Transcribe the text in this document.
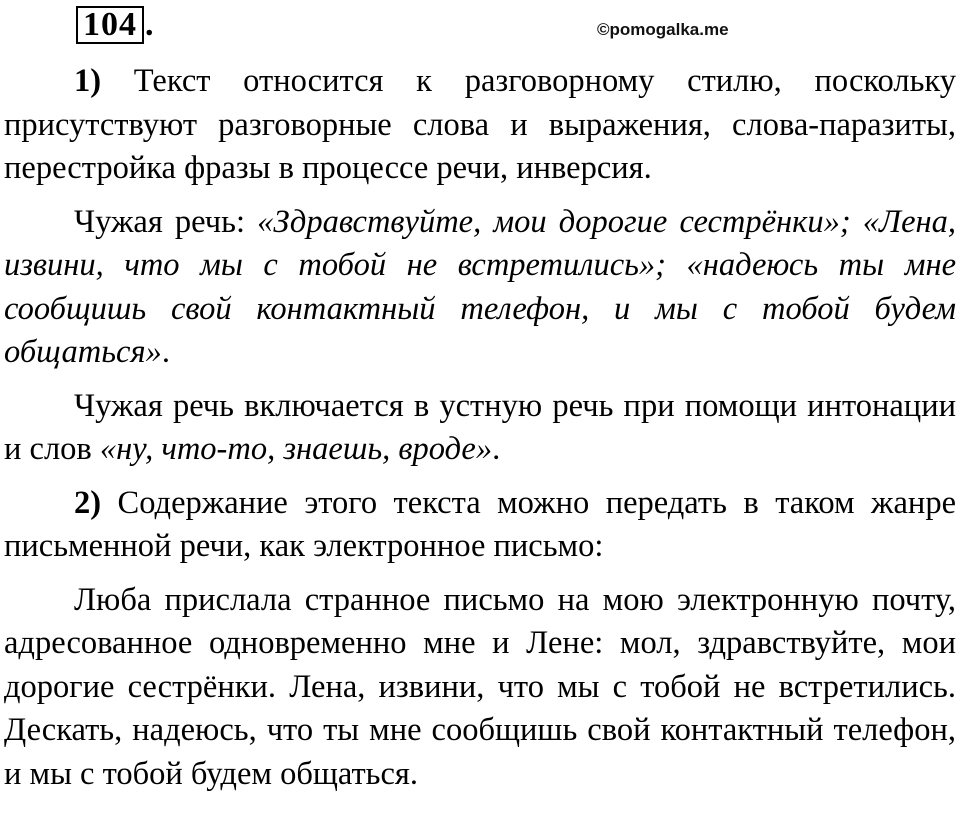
104 .	©pomogalka.me

1) Текст относится к разговорному стилю, поскольку присутствуют разговорные слова и выражения, слова-паразиты, перестройка фразы в процессе речи, инверсия.

Чужая речь: «Здравствуйте, мои дорогие сестрёнки»; «Лена, извини, что мы с тобой не встретились»; «надеюсь ты мне сообщишь свой контактный телефон, и мы с тобой будем общаться».

Чужая речь включается в устную речь при помощи интонации и слов «ну, что-то, знаешь, вроде».

2) Содержание этого текста можно передать в таком жанре письменной речи, как электронное письмо:

Люба прислала странное письмо на мою электронную почту, адресованное одновременно мне и Лене: мол, здравствуйте, мои дорогие сестрёнки. Лена, извини, что мы с тобой не встретились. Дескать, надеюсь, что ты мне сообщишь свой контактный телефон, и мы с тобой будем общаться.
